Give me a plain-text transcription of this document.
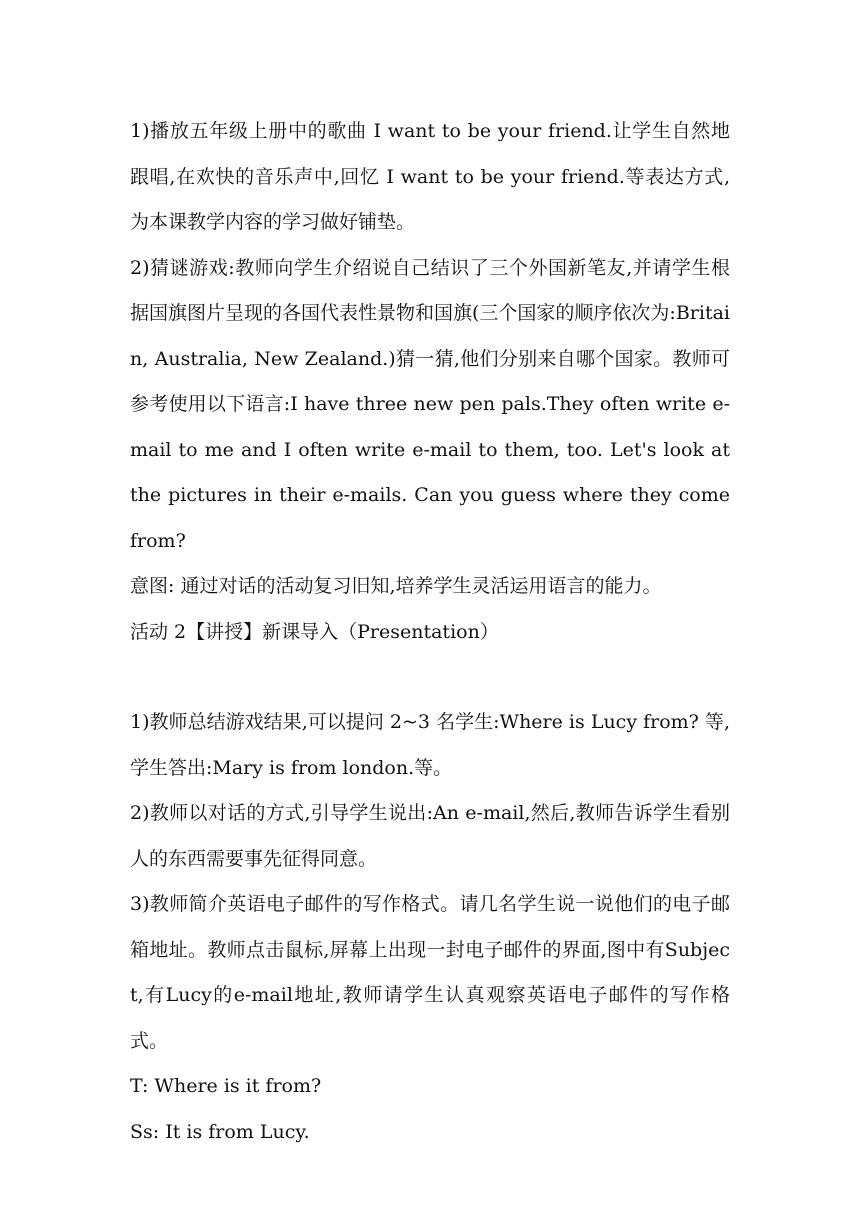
1)播放五年级上册中的歌曲 I want to be your friend.让学生自然地跟唱,在欢快的音乐声中,回忆 I want to be your friend.等表达方式,为本课教学内容的学习做好铺垫。

2)猜谜游戏:教师向学生介绍说自己结识了三个外国新笔友,并请学生根据国旗图片呈现的各国代表性景物和国旗(三个国家的顺序依次为:Britain, Australia, New Zealand.)猜一猜,他们分别来自哪个国家。教师可参考使用以下语言:I have three new pen pals.They often write e-mail to me and I often write e-mail to them, too. Let's look at the pictures in their e-mails. Can you guess where they come from?

意图: 通过对话的活动复习旧知,培养学生灵活运用语言的能力。

活动 2【讲授】新课导入（Presentation）

1)教师总结游戏结果,可以提问 2~3 名学生:Where is Lucy from? 等,学生答出:Mary is from london.等。

2)教师以对话的方式,引导学生说出:An e-mail,然后,教师告诉学生看别人的东西需要事先征得同意。

3)教师简介英语电子邮件的写作格式。请几名学生说一说他们的电子邮箱地址。教师点击鼠标,屏幕上出现一封电子邮件的界面,图中有Subject,有Lucy的e-mail地址,教师请学生认真观察英语电子邮件的写作格式。

T: Where is it from?

Ss: It is from Lucy.
